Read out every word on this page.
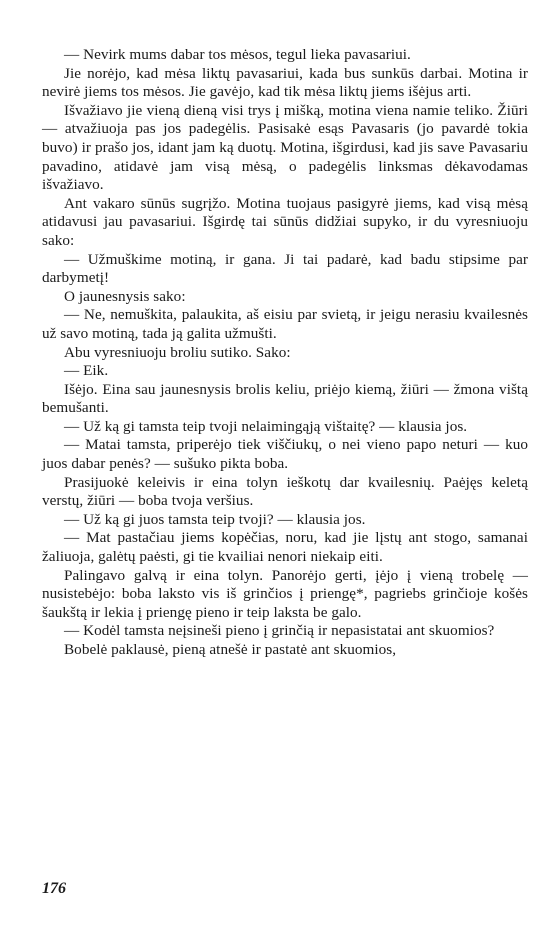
— Nevirk mums dabar tos mėsos, tegul lieka pavasariui.

Jie norėjo, kad mėsa liktų pavasariui, kada bus sunkūs darbai. Motina ir nevirė jiems tos mėsos. Jie gavėjo, kad tik mėsa liktų jiems išėjus arti.

Išvažiavo jie vieną dieną visi trys į mišką, motina viena namie teliko. Žiūri — atvažiuoja pas jos padegėlis. Pasisakė esąs Pavasaris (jo pavardė tokia buvo) ir prašo jos, idant jam ką duotų. Motina, išgirdusi, kad jis save Pavasariu pavadino, atidavė jam visą mėsą, o padegėlis linksmas dėkavodamas išvažiavo.

Ant vakaro sūnūs sugrįžo. Motina tuojaus pasigyrė jiems, kad visą mėsą atidavusi jau pavasariui. Išgirdę tai sūnūs didžiai supyko, ir du vyresniuoju sako:

— Užmuškime motiną, ir gana. Ji tai padarė, kad badu stipsime par darbymetį!

O jaunesnysis sako:

— Ne, nemuškita, palaukita, aš eisiu par svietą, ir jeigu nerasiu kvailesnės už savo motiną, tada ją galita užmušti.

Abu vyresniuoju broliu sutiko. Sako:

— Eik.

Išėjo. Eina sau jaunesnysis brolis keliu, priėjo kiemą, žiūri — žmona vištą bemušanti.

— Už ką gi tamsta teip tvoji nelaimingąją vištaitę? — klausia jos.

— Matai tamsta, priperėjo tiek viščiukų, o nei vieno papo neturi — kuo juos dabar penės? — sušuko pikta boba.

Prasijuokė keleivis ir eina tolyn ieškotų dar kvailesnių. Paėjęs keletą verstų, žiūri — boba tvoja veršius.

— Už ką gi juos tamsta teip tvoji? — klausia jos.

— Mat pastačiau jiems kopėčias, noru, kad jie lįstų ant stogo, samanai žaliuoja, galėtų paėsti, gi tie kvailiai nenori niekaip eiti.

Palingavo galvą ir eina tolyn. Panorėjo gerti, įėjo į vieną trobelę — nusistebėjo: boba laksto vis iš grinčios į priengę*, pagriebs grinčioje košės šaukštą ir lekia į priengę pieno ir teip laksta be galo.

— Kodėl tamsta neįsineši pieno į grinčią ir nepasistatai ant skuomios?

Bobelė paklausė, pieną atnešė ir pastatė ant skuomios,

176
